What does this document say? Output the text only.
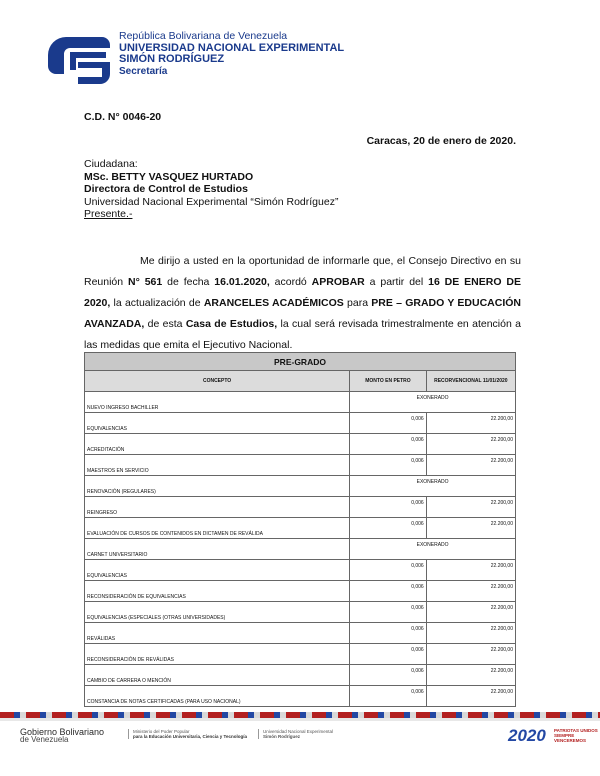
República Bolivariana de Venezuela
UNIVERSIDAD NACIONAL EXPERIMENTAL
SIMÓN RODRÍGUEZ
Secretaría
C.D. N° 0046-20
Caracas, 20 de enero de 2020.
Ciudadana:
MSc. BETTY VASQUEZ HURTADO
Directora de Control de Estudios
Universidad Nacional Experimental “Simón Rodríguez”
Presente.-
Me dirijo a usted en la oportunidad de informarle que, el Consejo Directivo en su Reunión N° 561 de fecha 16.01.2020, acordó APROBAR a partir del 16 DE ENERO DE 2020, la actualización de ARANCELES ACADÉMICOS para PRE – GRADO Y EDUCACIÓN AVANZADA, de esta Casa de Estudios, la cual será revisada trimestralmente en atención a las medidas que emita el Ejecutivo Nacional.
PRE-GRADO		
CONCEPTO	MONTO EN PETRO	RECORVENCIONAL 11/01/2020
NUEVO INGRESO BACHILLER	EXONERADO	
EQUIVALENCIAS	0,006	22.200,00
ACREDITACIÓN	0,006	22.200,00
MAESTROS EN SERVICIO	0,006	22.200,00
RENOVACIÓN (REGULARES)	EXONERADO	
REINGRESO	0,006	22.200,00
EVALUACIÓN DE CURSOS DE CONTENIDOS EN DICTAMEN DE REVÁLIDA	0,006	22.200,00
CARNET UNIVERSITARIO	EXONERADO	
EQUIVALENCIAS	0,006	22.200,00
RECONSIDERACIÓN DE EQUIVALENCIAS	0,006	22.200,00
EQUIVALENCIAS (ESPECIALES (OTRAS UNIVERSIDADES)	0,006	22.200,00
REVÁLIDAS	0,006	22.200,00
RECONSIDERACIÓN DE REVÁLIDAS	0,006	22.200,00
CAMBIO DE CARRERA O MENCIÓN	0,006	22.200,00
CONSTANCIA DE NOTAS CERTIFICADAS (PARA USO NACIONAL)	0,006	22.200,00
Gobierno Bolivariano
de Venezuela
Ministerio del Poder Popular
para la Educación Universitaria, Ciencia y Tecnología
Universidad Nacional Experimental
Simón Rodríguez	2020 PATRIOTAS UNIDOS
SIEMPRE VENCEREMOS
